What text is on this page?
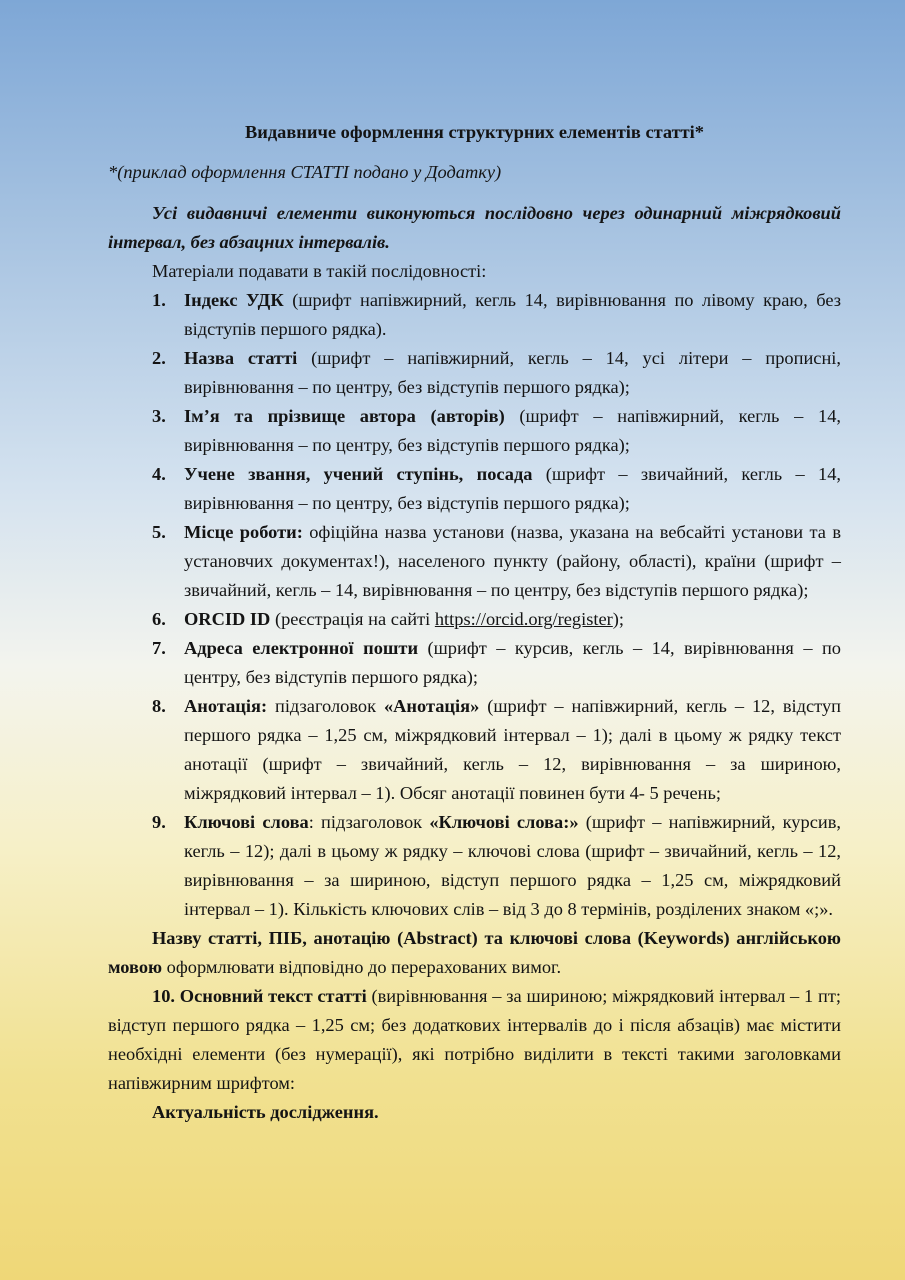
Видавниче оформлення структурних елементів статті*

*(приклад оформлення СТАТТІ подано у Додатку)

Усі видавничі елементи виконуються послідовно через одинарний міжрядковий інтервал, без абзацних інтервалів.

Матеріали подавати в такій послідовності:

1. Індекс УДК (шрифт напівжирний, кегль 14, вирівнювання по лівому краю, без відступів першого рядка).
2. Назва статті (шрифт – напівжирний, кегль – 14, усі літери – прописні, вирівнювання – по центру, без відступів першого рядка);
3. Ім’я та прізвище автора (авторів) (шрифт – напівжирний, кегль – 14, вирівнювання – по центру, без відступів першого рядка);
4. Учене звання, учений ступінь, посада (шрифт – звичайний, кегль – 14, вирівнювання – по центру, без відступів першого рядка);
5. Місце роботи: офіційна назва установи (назва, указана на вебсайті установи та в установчих документах!), населеного пункту (району, області), країни (шрифт – звичайний, кегль – 14, вирівнювання – по центру, без відступів першого рядка);
6. ORCID ID (реєстрація на сайті https://orcid.org/register);
7. Адреса електронної пошти (шрифт – курсив, кегль – 14, вирівнювання – по центру, без відступів першого рядка);
8. Анотація: підзаголовок «Анотація» (шрифт – напівжирний, кегль – 12, відступ першого рядка – 1,25 см, міжрядковий інтервал – 1); далі в цьому ж рядку текст анотації (шрифт – звичайний, кегль – 12, вирівнювання – за шириною, міжрядковий інтервал – 1). Обсяг анотації повинен бути 4- 5 речень;
9. Ключові слова: підзаголовок «Ключові слова:» (шрифт – напівжирний, курсив, кегль – 12); далі в цьому ж рядку – ключові слова (шрифт – звичайний, кегль – 12, вирівнювання – за шириною, відступ першого рядка – 1,25 см, міжрядковий інтервал – 1). Кількість ключових слів – від 3 до 8 термінів, розділених знаком «;».

Назву статті, ПІБ, анотацію (Abstract) та ключові слова (Keywords) англійською мовою оформлювати відповідно до перерахованих вимог.

10. Основний текст статті (вирівнювання – за шириною; міжрядковий інтервал – 1 пт; відступ першого рядка – 1,25 см; без додаткових інтервалів до і після абзаців) має містити необхідні елементи (без нумерації), які потрібно виділити в тексті такими заголовками напівжирним шрифтом:

Актуальність дослідження.
